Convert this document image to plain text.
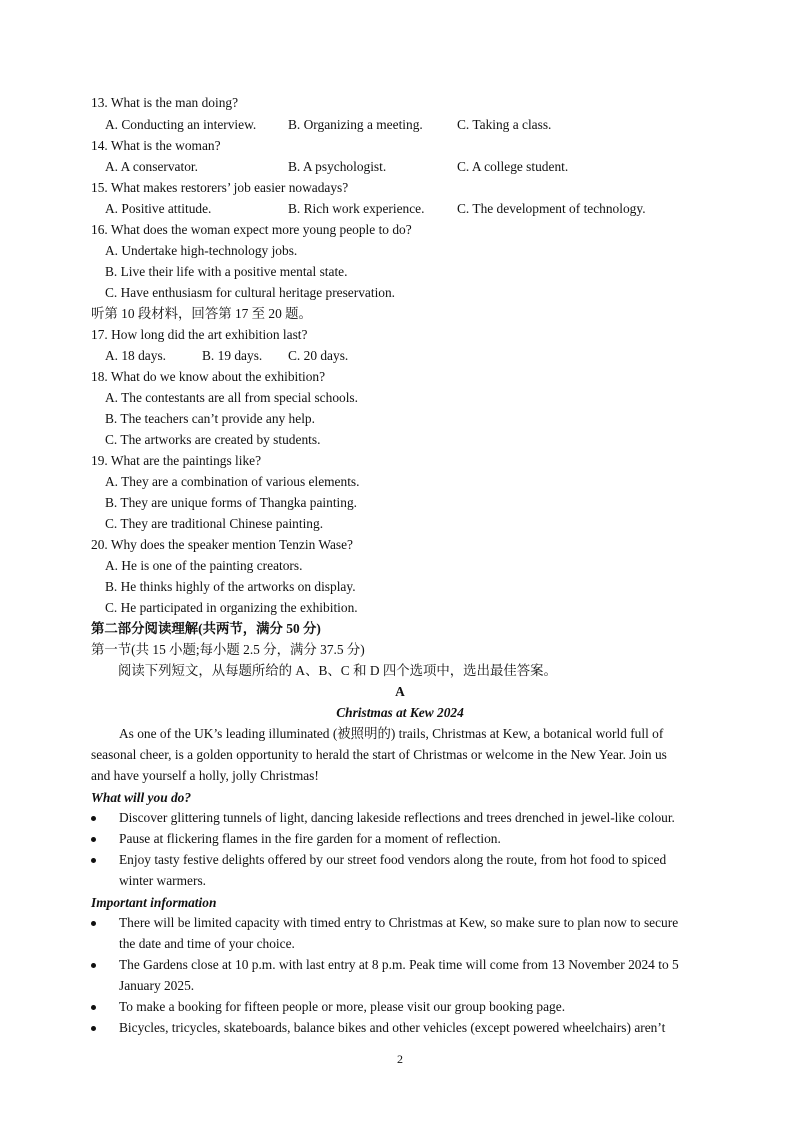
13. What is the man doing?
A. Conducting an interview. B. Organizing a meeting.	C. Taking a class.
14. What is the woman?
A. A conservator.	B. A psychologist.	C. A college student.
15. What makes restorers’ job easier nowadays?
A. Positive attitude.	B. Rich work experience. C. The development of technology.
16. What does the woman expect more young people to do?
A. Undertake high-technology jobs.
B. Live their life with a positive mental state.
C. Have enthusiasm for cultural heritage preservation.
听第 10 段材料，回答第 17 至 20 题。
17. How long did the art exhibition last?
A. 18 days.	B. 19 days. C. 20 days.
18. What do we know about the exhibition?
A. The contestants are all from special schools.
B. The teachers can’t provide any help.
C. The artworks are created by students.
19. What are the paintings like?
A. They are a combination of various elements.
B. They are unique forms of Thangka painting.
C. They are traditional Chinese painting.
20. Why does the speaker mention Tenzin Wase?
A. He is one of the painting creators.
B. He thinks highly of the artworks on display.
C. He participated in organizing the exhibition.
第二部分阅读理解(共两节，满分 50 分)
第一节(共 15 小题;每小题 2.5 分，满分 37.5 分)
阅读下列短文，从每题所给的 A、B、C 和 D 四个选项中，选出最佳答案。
A
Christmas at Kew 2024
As one of the UK’s leading illuminated (被照明的) trails, Christmas at Kew, a botanical world full of
seasonal cheer, is a golden opportunity to herald the start of Christmas or welcome in the New Year. Join us
and have yourself a holly, jolly Christmas!
What will you do?
Discover glittering tunnels of light, dancing lakeside reflections and trees drenched in jewel-like colour.
Pause at flickering flames in the fire garden for a moment of reflection.
Enjoy tasty festive delights offered by our street food vendors along the route, from hot food to spiced
winter warmers.
Important information
There will be limited capacity with timed entry to Christmas at Kew, so make sure to plan now to secure
the date and time of your choice.
The Gardens close at 10 p.m. with last entry at 8 p.m. Peak time will come from 13 November 2024 to 5
January 2025.
To make a booking for fifteen people or more, please visit our group booking page.
Bicycles, tricycles, skateboards, balance bikes and other vehicles (except powered wheelchairs) aren’t
2
